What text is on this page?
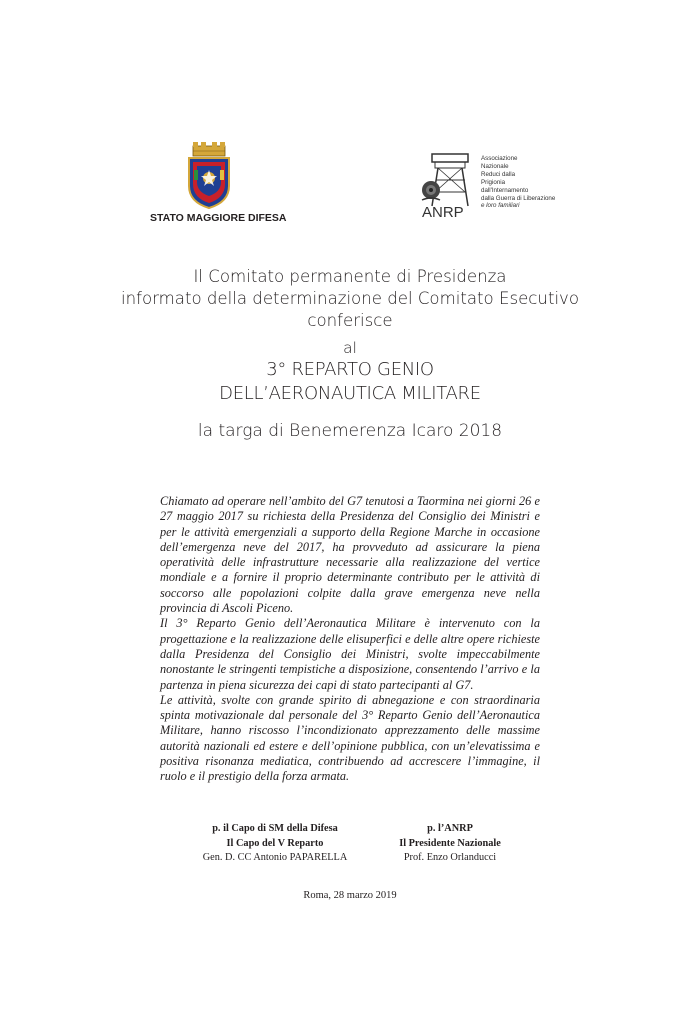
STATO MAGGIORE DIFESA	ANRP
Associazione
Nazionale
Reduci dalla
Prigionia
dall'Internamento
dalla Guerra di Liberazione
e loro familiari
Il Comitato permanente di Presidenza
informato della determinazione del Comitato Esecutivo
conferisce
al
3° REPARTO GENIO
DELL’AERONAUTICA MILITARE
la targa di Benemerenza Icaro 2018

Chiamato ad operare nell’ambito del G7 tenutosi a Taormina nei giorni 26 e 27 maggio 2017 su richiesta della Presidenza del Consiglio dei Ministri e per le attività emergenziali a supporto della Regione Marche in occasione dell’emergenza neve del 2017, ha provveduto ad assicurare la piena operatività delle infrastrutture necessarie alla realizzazione del vertice mondiale e a fornire il proprio determinante contributo per le attività di soccorso alle popolazioni colpite dalla grave emergenza neve nella provincia di Ascoli Piceno.

Il 3° Reparto Genio dell’Aeronautica Militare è intervenuto con la progettazione e la realizzazione delle elisuperfici e delle altre opere richieste dalla Presidenza del Consiglio dei Ministri, svolte impeccabilmente nonostante le stringenti tempistiche a disposizione, consentendo l’arrivo e la partenza in piena sicurezza dei capi di stato partecipanti al G7.

Le attività, svolte con grande spirito di abnegazione e con straordinaria spinta motivazionale dal personale del 3° Reparto Genio dell’Aeronautica Militare, hanno riscosso l’incondizionato apprezzamento delle massime autorità nazionali ed estere e dell’opinione pubblica, con un’elevatissima e positiva risonanza mediatica, contribuendo ad accrescere l’immagine, il ruolo e il prestigio della forza armata.

p. il Capo di SM della Difesa
Il Capo del V Reparto
Gen. D. CC Antonio PAPARELLA
p. l’ANRP
Il Presidente Nazionale
Prof. Enzo Orlanducci
Roma, 28 marzo 2019
